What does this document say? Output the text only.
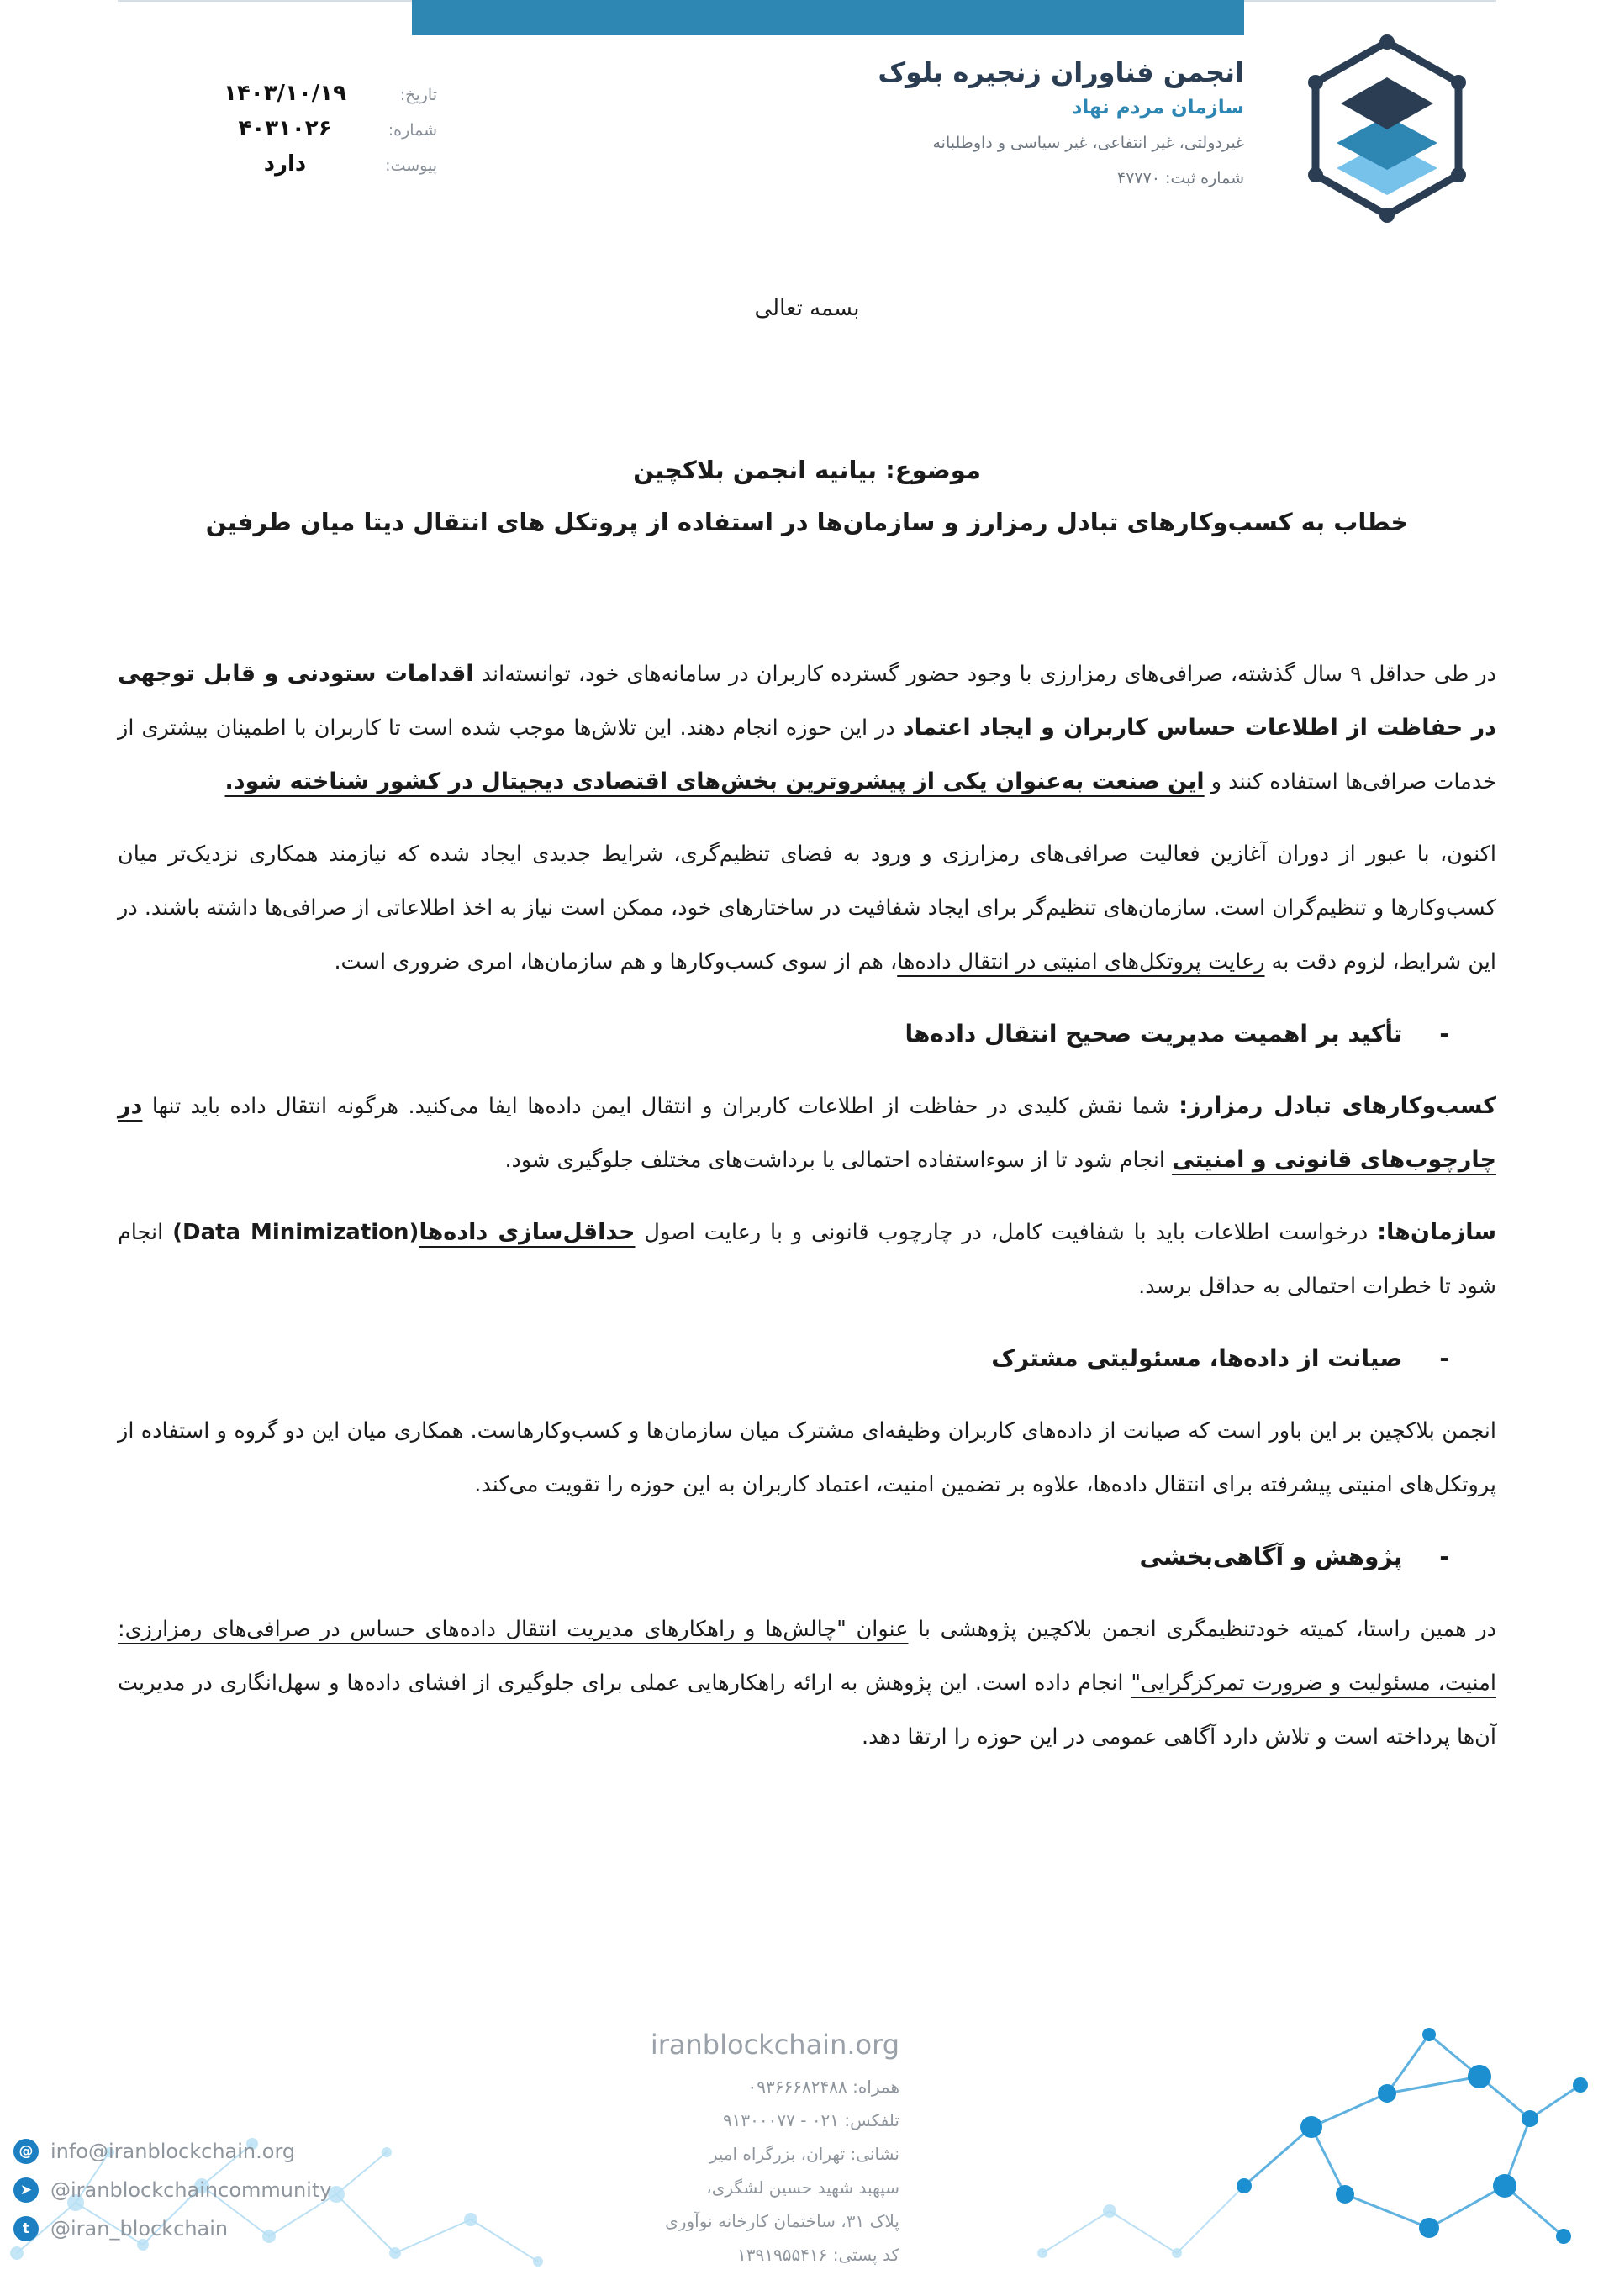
انجمن فناوران زنجیره بلوک
سازمان مردم نهاد
غیردولتی، غیر انتفاعی، غیر سیاسی و داوطلبانه
شماره ثبت: ۴۷۷۷۰
تاریخ:
۱۴۰۳/۱۰/۱۹
شماره:
۴۰۳۱۰۲۶
پیوست:
دارد
بسمه تعالی
موضوع: بیانیه انجمن بلاکچین
خطاب به کسب‌وکارهای تبادل رمزارز و سازمان‌ها در استفاده از پروتکل های انتقال دیتا میان طرفین

در طی حداقل ۹ سال گذشته، صرافی‌های رمزارزی با وجود حضور گسترده کاربران در سامانه‌های خود، توانسته‌اند اقدامات ستودنی و قابل توجهی در حفاظت از اطلاعات حساس کاربران و ایجاد اعتماد در این حوزه انجام دهند. این تلاش‌ها موجب شده است تا کاربران با اطمینان بیشتری از خدمات صرافی‌ها استفاده کنند و این صنعت به‌عنوان یکی از پیشروترین بخش‌های اقتصادی دیجیتال در کشور شناخته شود.

اکنون، با عبور از دوران آغازین فعالیت صرافی‌های رمزارزی و ورود به فضای تنظیم‌گری، شرایط جدیدی ایجاد شده که نیازمند همکاری نزدیک‌تر میان کسب‌وکارها و تنظیم‌گران است. سازمان‌های تنظیم‌گر برای ایجاد شفافیت در ساختارهای خود، ممکن است نیاز به اخذ اطلاعاتی از صرافی‌ها داشته باشند. در این شرایط، لزوم دقت به رعایت پروتکل‌های امنیتی در انتقال داده‌ها، هم از سوی کسب‌وکارها و هم سازمان‌ها، امری ضروری است.

-
تأکید بر اهمیت مدیریت صحیح انتقال داده‌ها

کسب‌وکارهای تبادل رمزارز: شما نقش کلیدی در حفاظت از اطلاعات کاربران و انتقال ایمن داده‌ها ایفا می‌کنید. هرگونه انتقال داده باید تنها در چارچوب‌های قانونی و امنیتی انجام شود تا از سوءاستفاده احتمالی یا برداشت‌های مختلف جلوگیری شود.

سازمان‌ها: درخواست اطلاعات باید با شفافیت کامل، در چارچوب قانونی و با رعایت اصول حداقل‌سازی داده‌ها(Data Minimization) انجام شود تا خطرات احتمالی به حداقل برسد.

-
صیانت از داده‌ها، مسئولیتی مشترک

انجمن بلاکچین بر این باور است که صیانت از داده‌های کاربران وظیفه‌ای مشترک میان سازمان‌ها و کسب‌وکارهاست. همکاری میان این دو گروه و استفاده از پروتکل‌های امنیتی پیشرفته برای انتقال داده‌ها، علاوه بر تضمین امنیت، اعتماد کاربران به این حوزه را تقویت می‌کند.

-
پژوهش و آگاهی‌بخشی

در همین راستا، کمیته خودتنظیمگری انجمن بلاکچین پژوهشی با عنوان "چالش‌ها و راهکارهای مدیریت انتقال داده‌های حساس در صرافی‌های رمزارزی: امنیت، مسئولیت و ضرورت تمرکزگرایی" انجام داده است. این پژوهش به ارائه راهکارهایی عملی برای جلوگیری از افشای داده‌ها و سهل‌انگاری در مدیریت آن‌ها پرداخته است و تلاش دارد آگاهی عمومی در این حوزه را ارتقا دهد.

iranblockchain.org
همراه: ۰۹۳۶۶۶۸۲۴۸۸
تلفکس: ۰۲۱ - ۹۱۳۰۰۰۷۷
نشانی: تهران، بزرگراه امیر
سپهبد شهید حسین لشگری،
پلاک ۳۱، ساختمان کارخانه نوآوری
کد پستی: ۱۳۹۱۹۵۵۴۱۶
@ info@iranblockchain.org
➤ @iranblockchaincommunity
t	@iran_blockchain
